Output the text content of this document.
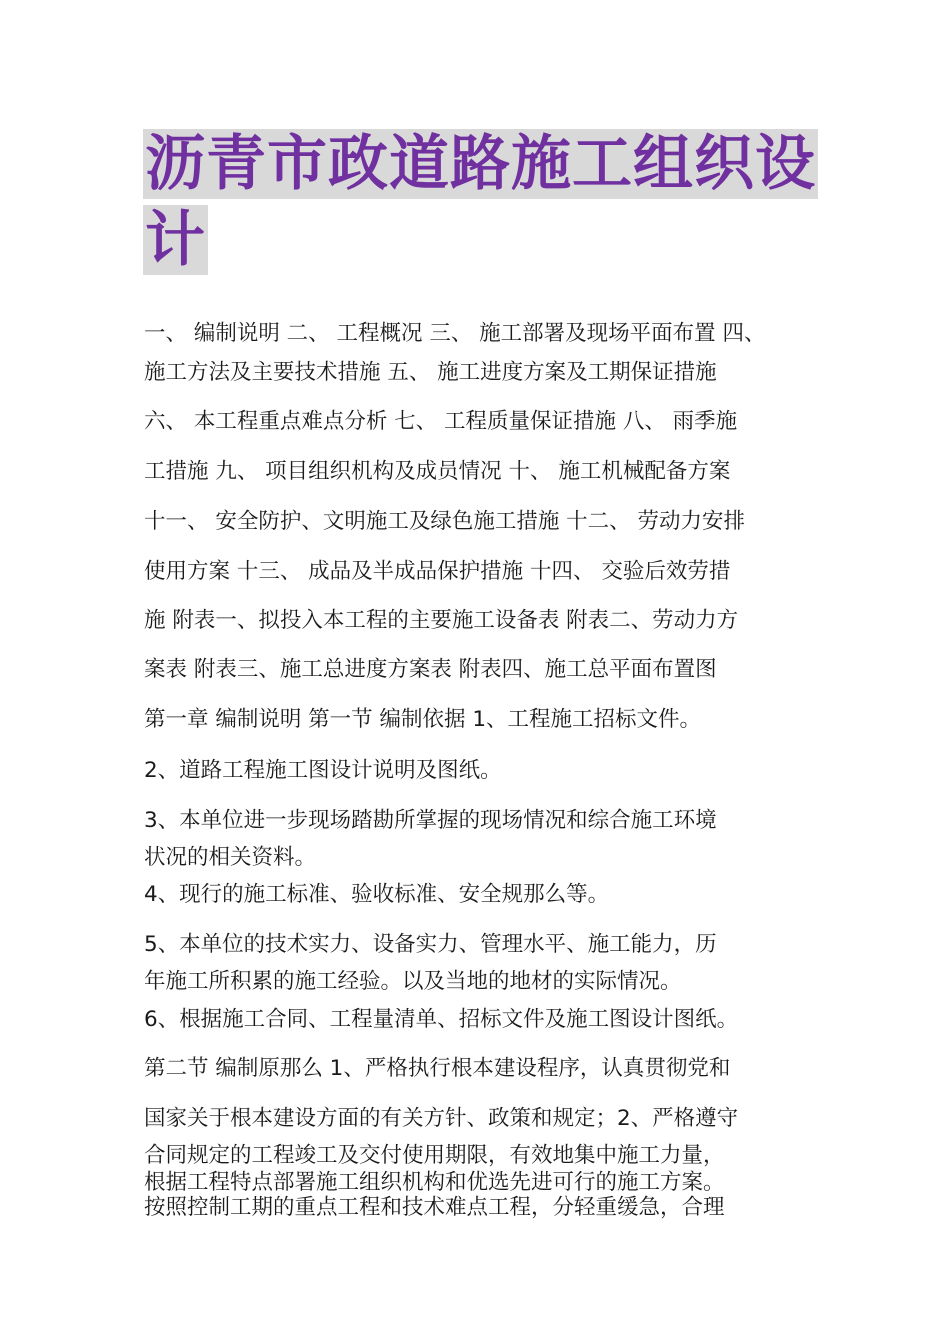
沥青市政道路施工组织设
计
一、 编制说明 二、 工程概况 三、 施工部署及现场平面布置 四、
施工方法及主要技术措施 五、 施工进度方案及工期保证措施
六、 本工程重点难点分析 七、 工程质量保证措施 八、 雨季施
工措施 九、 项目组织机构及成员情况 十、 施工机械配备方案
十一、 安全防护、文明施工及绿色施工措施 十二、 劳动力安排
使用方案 十三、 成品及半成品保护措施 十四、 交验后效劳措
施 附表一、拟投入本工程的主要施工设备表 附表二、劳动力方
案表 附表三、施工总进度方案表 附表四、施工总平面布置图
第一章 编制说明 第一节 编制依据 1、工程施工招标文件。
2、道路工程施工图设计说明及图纸。
3、本单位进一步现场踏勘所掌握的现场情况和综合施工环境
状况的相关资料。
4、现行的施工标准、验收标准、安全规那么等。
5、本单位的技术实力、设备实力、管理水平、施工能力，历
年施工所积累的施工经验。以及当地的地材的实际情况。
6、根据施工合同、工程量清单、招标文件及施工图设计图纸。
第二节 编制原那么 1、严格执行根本建设程序，认真贯彻党和
国家关于根本建设方面的有关方针、政策和规定；2、严格遵守
合同规定的工程竣工及交付使用期限，有效地集中施工力量，
根据工程特点部署施工组织机构和优选先进可行的施工方案。
按照控制工期的重点工程和技术难点工程，分轻重缓急，合理
